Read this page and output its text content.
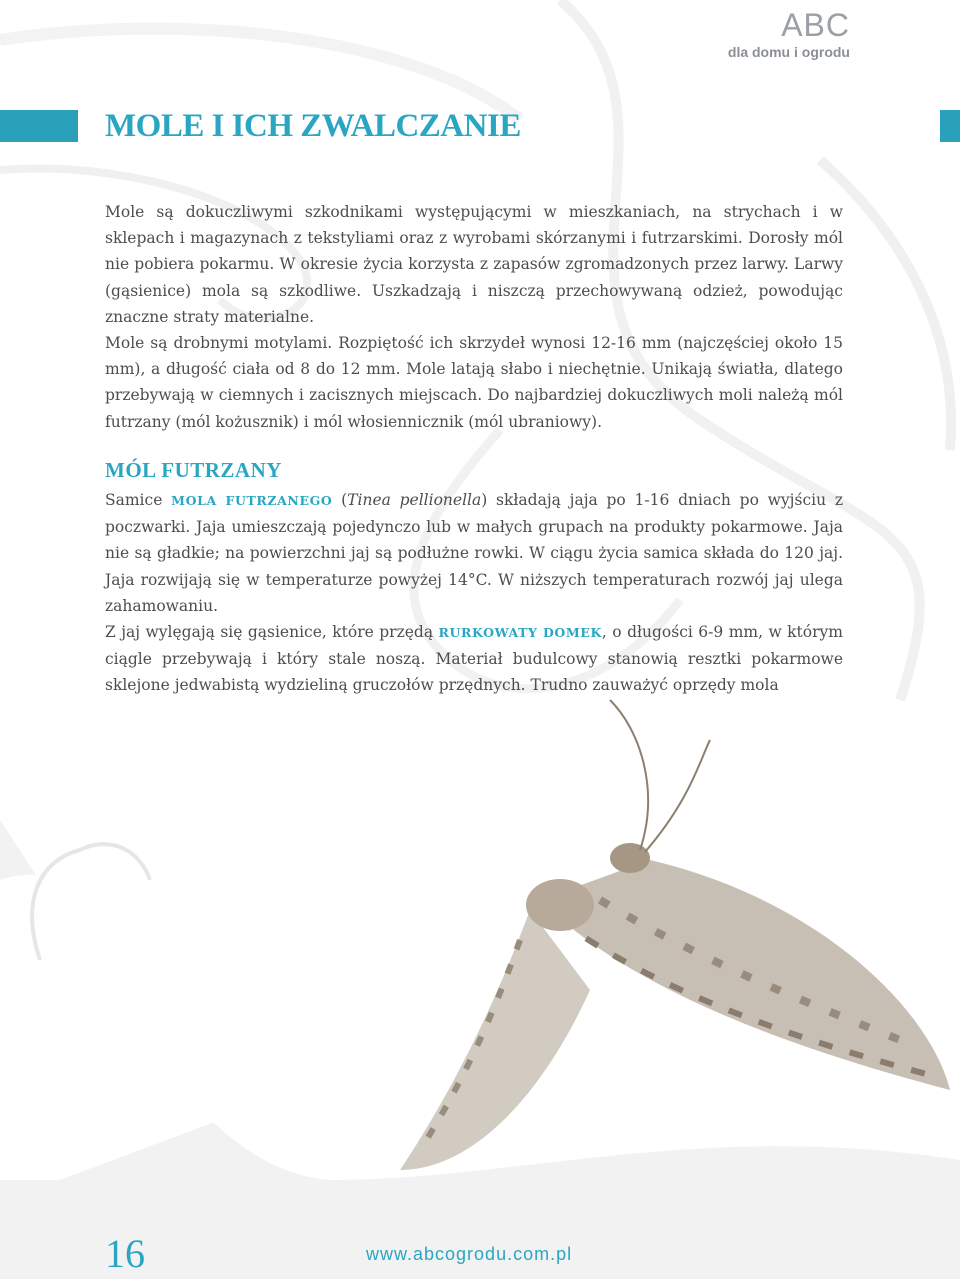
ABC
dla domu i ogrodu
MOLE I ICH ZWALCZANIE

Mole są dokuczliwymi szkodnikami występującymi w mieszkaniach, na strychach i w sklepach i magazynach z tekstyliami oraz z wyrobami skórzanymi i futrzarskimi. Dorosły mól nie pobiera pokarmu. W okresie życia korzysta z zapasów zgromadzonych przez larwy. Larwy (gąsienice) mola są szkodliwe. Uszkadzają i niszczą przechowywaną odzież, powodując znaczne straty materialne.

Mole są drobnymi motylami. Rozpiętość ich skrzydeł wynosi 12-16 mm (najczęściej około 15 mm), a długość ciała od 8 do 12 mm. Mole latają słabo i niechętnie. Unikają światła, dlatego przebywają w ciemnych i zacisznych miejscach. Do najbardziej dokuczliwych moli należą mól futrzany (mól kożusznik) i mól włosiennicznik (mól ubraniowy).

MÓL FUTRZANY

Samice MOLA FUTRZANEGO (Tinea pellionella) składają jaja po 1-16 dniach po wyjściu z poczwarki. Jaja umieszczają pojedynczo lub w małych grupach na produkty pokarmowe. Jaja nie są gładkie; na powierzchni jaj są podłużne rowki. W ciągu życia samica składa do 120 jaj. Jaja rozwijają się w temperaturze powyżej 14°C. W niższych temperaturach rozwój jaj ulega zahamowaniu.

Z jaj wylęgają się gąsienice, które przędą RURKOWATY DOMEK, o długości 6-9 mm, w którym ciągle przebywają i który stale noszą. Materiał budulcowy stanowią resztki pokarmowe sklejone jedwabistą wydzieliną gruczołów przędnych. Trudno zauważyć oprzędy mola

16	www.abcogrodu.com.pl
